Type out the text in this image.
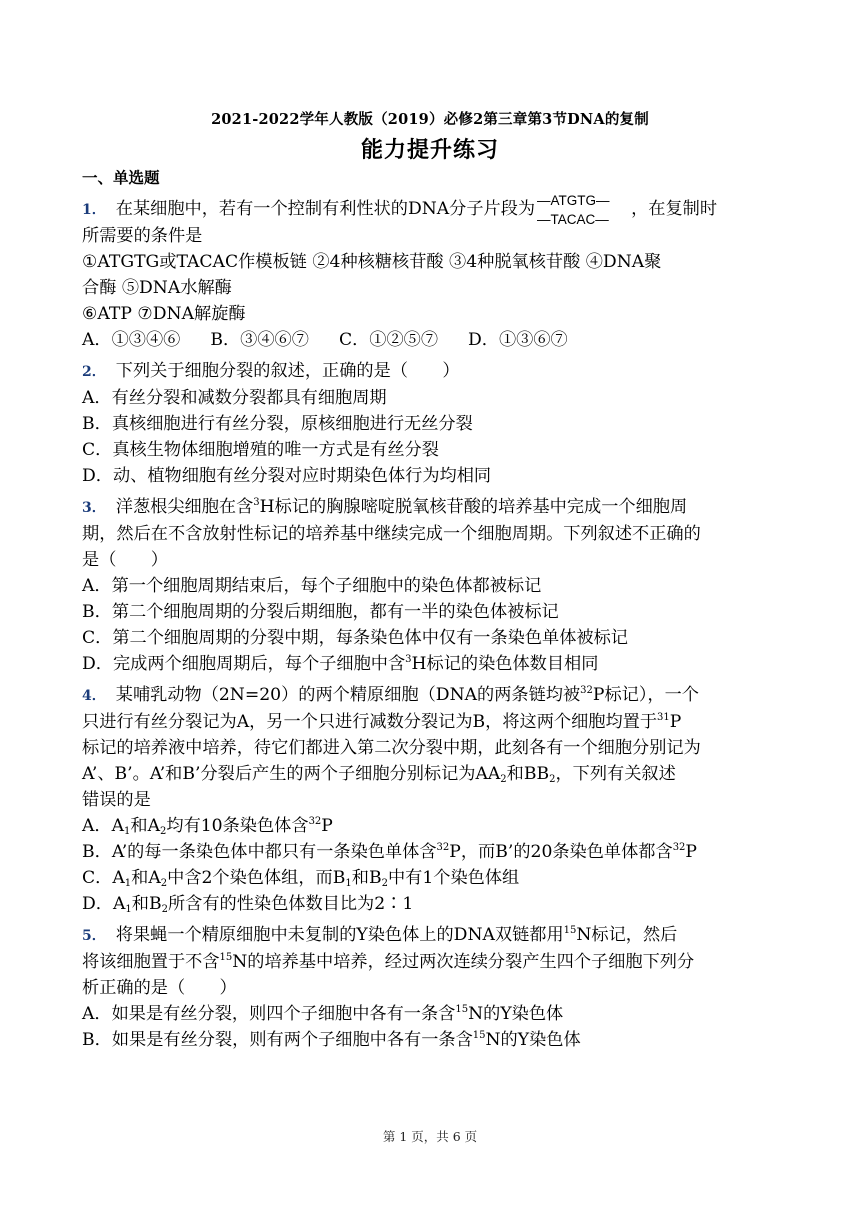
2021-2022学年人教版（2019）必修2第三章第3节DNA的复制
能力提升练习
一、单选题
1． 在某细胞中，若有一个控制有利性状的DNA分子片段为 —ATGTG—
—TACAC— ，在复制时
所需要的条件是
①ATGTG或TACAC作模板链 ②4种核糖核苷酸 ③4种脱氧核苷酸 ④DNA聚
合酶 ⑤DNA水解酶
⑥ATP ⑦DNA解旋酶
A．①③④⑥ B．③④⑥⑦ C．①②⑤⑦ D．①③⑥⑦
2． 下列关于细胞分裂的叙述，正确的是（　　）
A．有丝分裂和减数分裂都具有细胞周期
B．真核细胞进行有丝分裂，原核细胞进行无丝分裂
C．真核生物体细胞增殖的唯一方式是有丝分裂
D．动、植物细胞有丝分裂对应时期染色体行为均相同
3． 洋葱根尖细胞在含$^3$H标记的胸腺嘧啶脱氧核苷酸的培养基中完成一个细胞周
期，然后在不含放射性标记的培养基中继续完成一个细胞周期。下列叙述不正确的
是（　　）
A．第一个细胞周期结束后，每个子细胞中的染色体都被标记
B．第二个细胞周期的分裂后期细胞，都有一半的染色体被标记
C．第二个细胞周期的分裂中期，每条染色体中仅有一条染色单体被标记
D．完成两个细胞周期后，每个子细胞中含$^3$H标记的染色体数目相同
4． 某哺乳动物（2N=20）的两个精原细胞（DNA的两条链均被$^{32}$P标记），一个
只进行有丝分裂记为A，另一个只进行减数分裂记为B，将这两个细胞均置于$^{31}$P
标记的培养液中培养，待它们都进入第二次分裂中期，此刻各有一个细胞分别记为
A’、B’。A’和B’分裂后产生的两个子细胞分别标记为$AA_2$和$BB_2$，下列有关叙述
错误的是
A．$A_1$和$A_2$均有10条染色体含$^{32}$P
B．A’的每一条染色体中都只有一条染色单体含$^{32}$P，而B’的20条染色单体都含$^{32}$P
C．$A_1$和$A_2$中含2个染色体组，而$B_1$和$B_2$中有1个染色体组
D．$A_1$和$B_2$所含有的性染色体数目比为2∶1
5． 将果蝇一个精原细胞中未复制的Y染色体上的DNA双链都用$^{15}$N标记，然后
将该细胞置于不含$^{15}$N的培养基中培养，经过两次连续分裂产生四个子细胞下列分
析正确的是（　　）
A．如果是有丝分裂，则四个子细胞中各有一条含$^{15}$N的Y染色体
B．如果是有丝分裂，则有两个子细胞中各有一条含$^{15}$N的Y染色体
第 1 页，共 6 页
